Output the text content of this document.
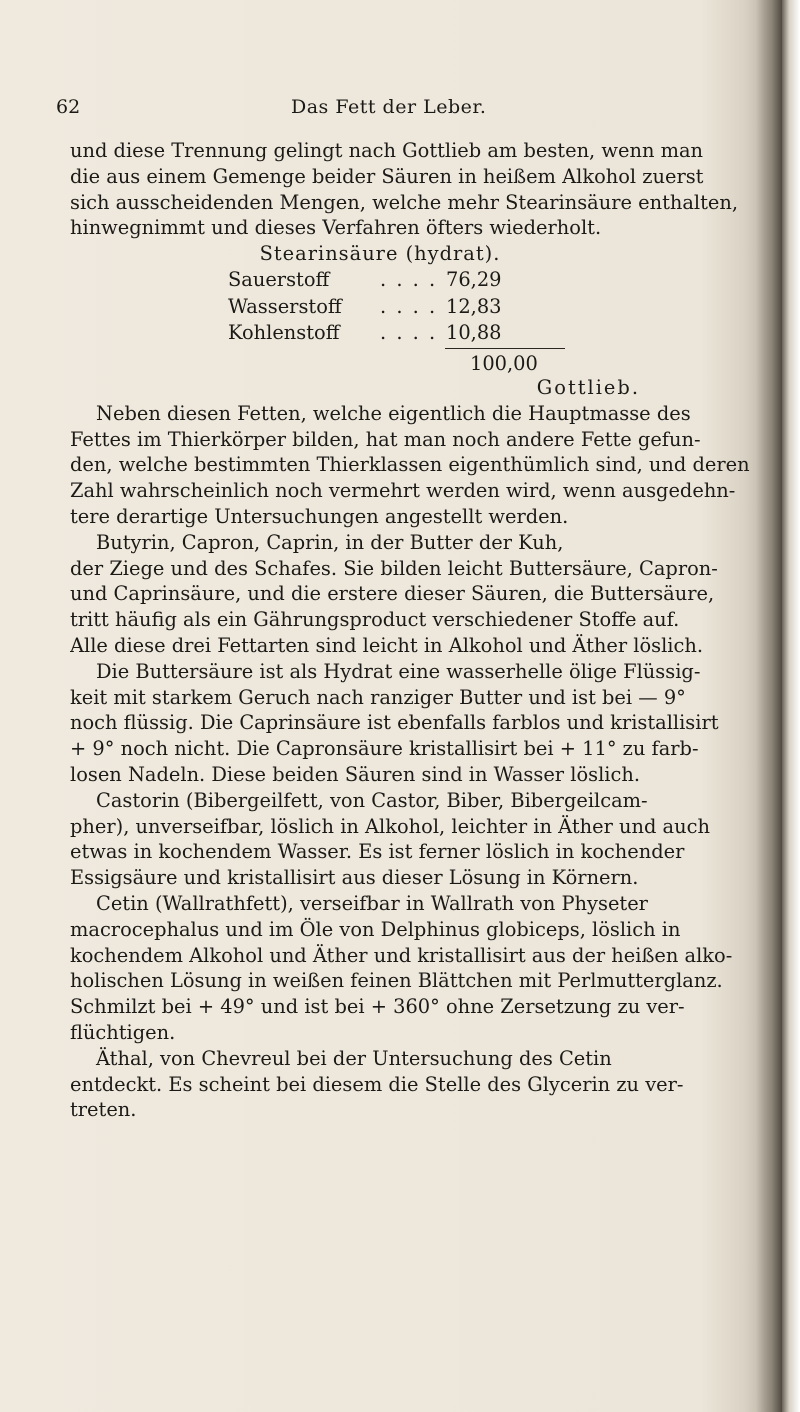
62	Das Fett der Leber.
und diese Trennung gelingt nach Gottlieb am besten, wenn man
die aus einem Gemenge beider Säuren in heißem Alkohol zuerst
sich ausscheidenden Mengen, welche mehr Stearinsäure enthalten,
hinwegnimmt und dieses Verfahren öfters wiederholt.
Stearinsäure (hydrat).
Sauerstoff	. . . . 76,29
Wasserstoff . . . . 12,83
Kohlenstoff . . . . 10,88
100,00
Gottlieb.
Neben diesen Fetten, welche eigentlich die Hauptmasse des
Fettes im Thierkörper bilden, hat man noch andere Fette gefun-
den, welche bestimmten Thierklassen eigenthümlich sind, und deren
Zahl wahrscheinlich noch vermehrt werden wird, wenn ausgedehn-
tere derartige Untersuchungen angestellt werden.
Butyrin, Capron, Caprin, in der Butter der Kuh,
der Ziege und des Schafes. Sie bilden leicht Buttersäure, Capron-
und Caprinsäure, und die erstere dieser Säuren, die Buttersäure,
tritt häufig als ein Gährungsproduct verschiedener Stoffe auf.
Alle diese drei Fettarten sind leicht in Alkohol und Äther löslich.
Die Buttersäure ist als Hydrat eine wasserhelle ölige Flüssig-
keit mit starkem Geruch nach ranziger Butter und ist bei — 9°
noch flüssig. Die Caprinsäure ist ebenfalls farblos und kristallisirt
+ 9° noch nicht. Die Capronsäure kristallisirt bei + 11° zu farb-
losen Nadeln. Diese beiden Säuren sind in Wasser löslich.
Castorin (Bibergeilfett, von Castor, Biber, Bibergeilcam-
pher), unverseifbar, löslich in Alkohol, leichter in Äther und auch
etwas in kochendem Wasser. Es ist ferner löslich in kochender
Essigsäure und kristallisirt aus dieser Lösung in Körnern.
Cetin (Wallrathfett), verseifbar in Wallrath von Physeter
macrocephalus und im Öle von Delphinus globiceps, löslich in
kochendem Alkohol und Äther und kristallisirt aus der heißen alko-
holischen Lösung in weißen feinen Blättchen mit Perlmutterglanz.
Schmilzt bei + 49° und ist bei + 360° ohne Zersetzung zu ver-
flüchtigen.
Äthal, von Chevreul bei der Untersuchung des Cetin
entdeckt. Es scheint bei diesem die Stelle des Glycerin zu ver-
treten.
